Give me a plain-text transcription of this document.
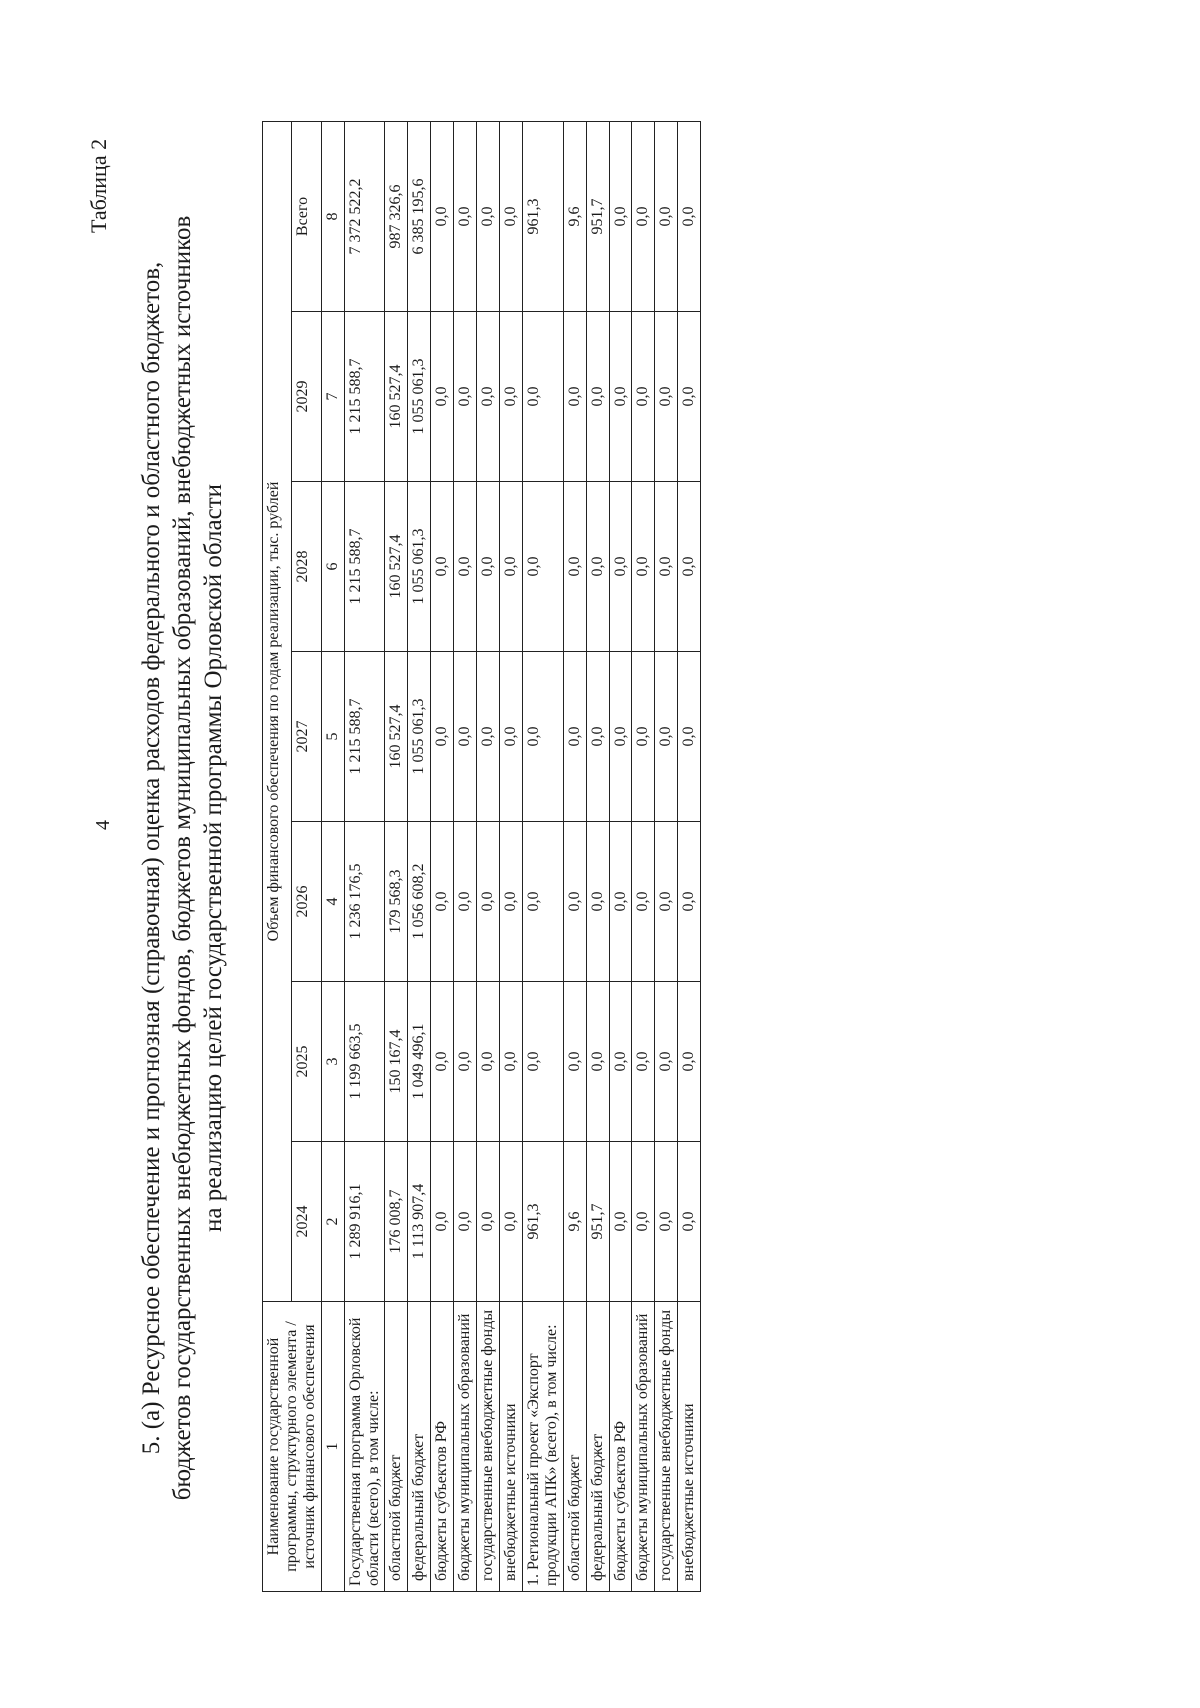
4
Таблица 2
5. (а) Ресурсное обеспечение и прогнозная (справочная) оценка расходов федерального и областного бюджетов, бюджетов государственных внебюджетных фондов, бюджетов муниципальных образований, внебюджетных источников на реализацию целей государственной программы Орловской области
Наименование государственной программы, структурного элемента / источник финансового обеспечения	Объем финансового обеспечения по годам реализации, тыс. рублей						
	2024	2025	2026	2027	2028	2029	Всего
1	2	3	4	5	6	7	8
Государственная программа Орловской области (всего), в том числе:	1 289 916,1	1 199 663,5	1 236 176,5	1 215 588,7	1 215 588,7	1 215 588,7	7 372 522,2
областной бюджет	176 008,7	150 167,4	179 568,3	160 527,4	160 527,4	160 527,4	987 326,6
федеральный бюджет	1 113 907,4	1 049 496,1	1 056 608,2	1 055 061,3	1 055 061,3	1 055 061,3	6 385 195,6
бюджеты субъектов РФ	0,0	0,0	0,0	0,0	0,0	0,0	0,0
бюджеты муниципальных образований	0,0	0,0	0,0	0,0	0,0	0,0	0,0
государственные внебюджетные фонды	0,0	0,0	0,0	0,0	0,0	0,0	0,0
внебюджетные источники	0,0	0,0	0,0	0,0	0,0	0,0	0,0
1. Региональный проект «Экспорт продукции АПК» (всего), в том числе:	961,3	0,0	0,0	0,0	0,0	0,0	961,3
областной бюджет	9,6	0,0	0,0	0,0	0,0	0,0	9,6
федеральный бюджет	951,7	0,0	0,0	0,0	0,0	0,0	951,7
бюджеты субъектов РФ	0,0	0,0	0,0	0,0	0,0	0,0	0,0
бюджеты муниципальных образований	0,0	0,0	0,0	0,0	0,0	0,0	0,0
государственные внебюджетные фонды	0,0	0,0	0,0	0,0	0,0	0,0	0,0
внебюджетные источники	0,0	0,0	0,0	0,0	0,0	0,0	0,0
